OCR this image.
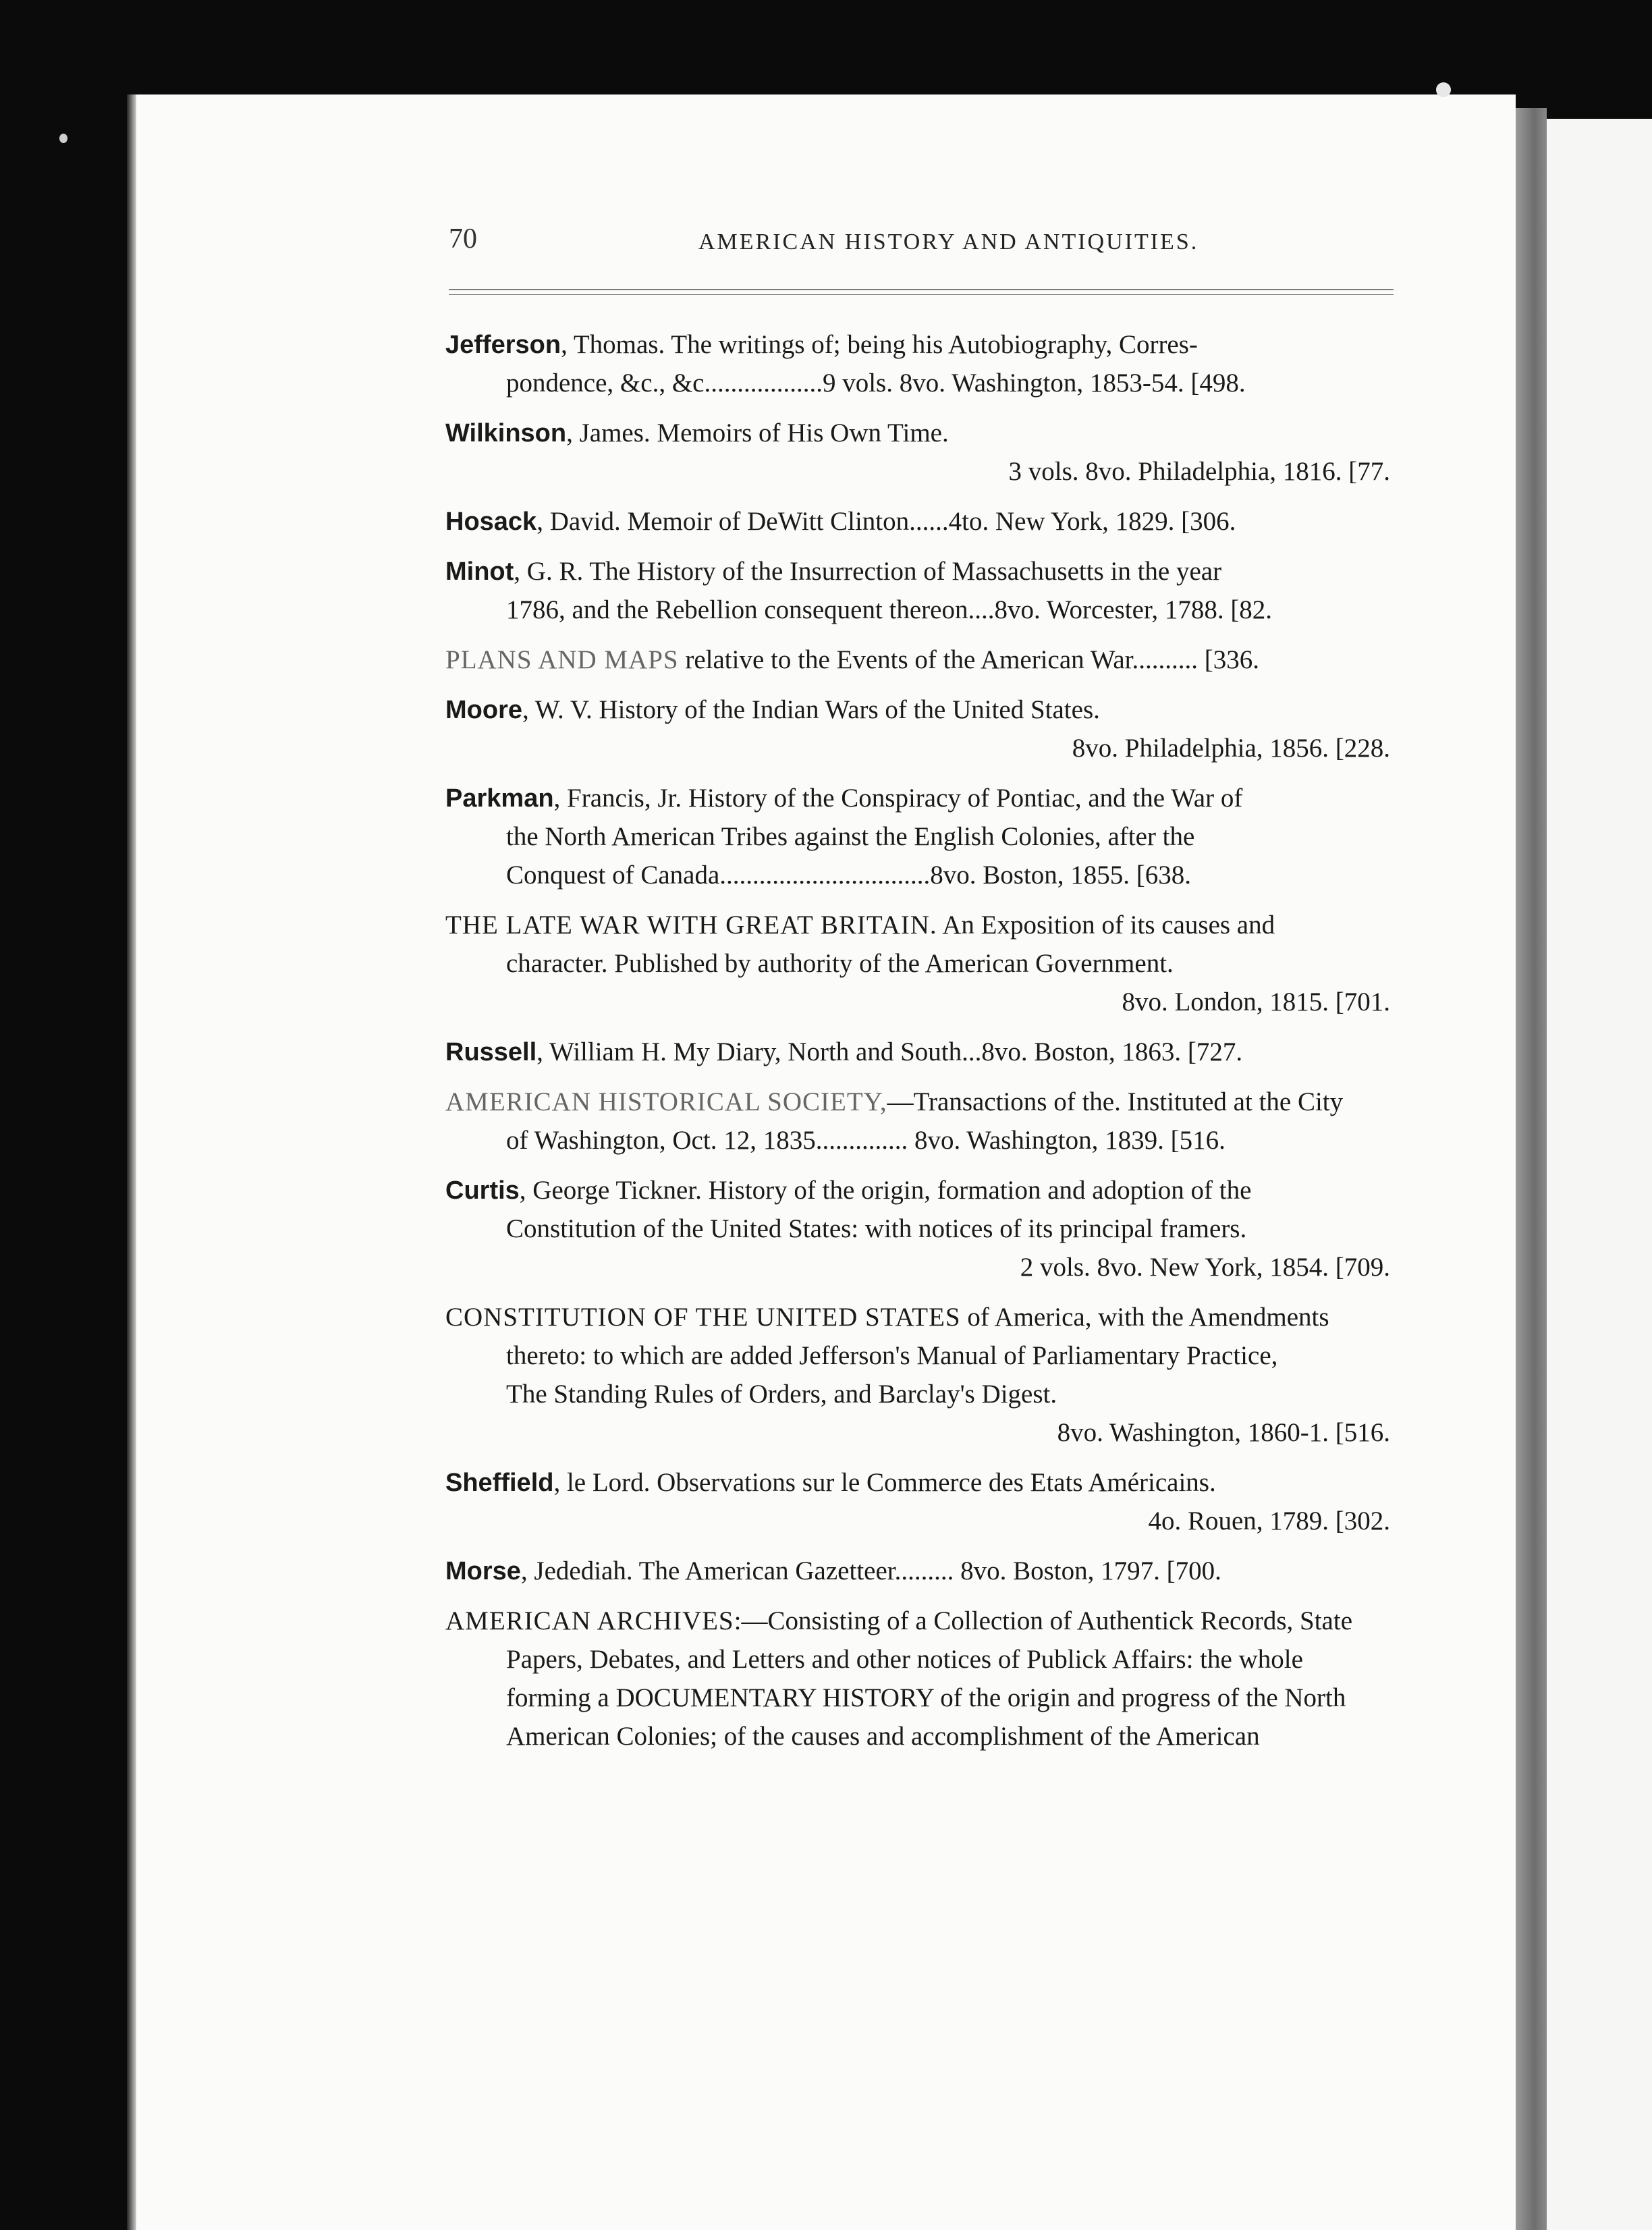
70	AMERICAN HISTORY AND ANTIQUITIES.
Jefferson, Thomas. The writings of; being his Autobiography, Corres-
pondence, &c., &c..................9 vols. 8vo. Washington, 1853-54. [498.
Wilkinson, James. Memoirs of His Own Time.
3 vols. 8vo. Philadelphia, 1816. [77.
Hosack, David. Memoir of DeWitt Clinton......4to. New York, 1829. [306.
Minot, G. R. The History of the Insurrection of Massachusetts in the year
1786, and the Rebellion consequent thereon....8vo. Worcester, 1788. [82.
PLANS AND MAPS relative to the Events of the American War.......... [336.
Moore, W. V. History of the Indian Wars of the United States.
8vo. Philadelphia, 1856. [228.
Parkman, Francis, Jr. History of the Conspiracy of Pontiac, and the War of
the North American Tribes against the English Colonies, after the
Conquest of Canada................................8vo. Boston, 1855. [638.
THE LATE WAR WITH GREAT BRITAIN. An Exposition of its causes and
character. Published by authority of the American Government.
8vo. London, 1815. [701.
Russell, William H. My Diary, North and South...8vo. Boston, 1863. [727.
AMERICAN HISTORICAL SOCIETY,—Transactions of the. Instituted at the City
of Washington, Oct. 12, 1835.............. 8vo. Washington, 1839. [516.
Curtis, George Tickner. History of the origin, formation and adoption of the
Constitution of the United States: with notices of its principal framers.
2 vols. 8vo. New York, 1854. [709.
CONSTITUTION OF THE UNITED STATES of America, with the Amendments
thereto: to which are added Jefferson's Manual of Parliamentary Practice,
The Standing Rules of Orders, and Barclay's Digest.
8vo. Washington, 1860-1. [516.
Sheffield, le Lord. Observations sur le Commerce des Etats Américains.
4o. Rouen, 1789. [302.
Morse, Jedediah. The American Gazetteer......... 8vo. Boston, 1797. [700.
AMERICAN ARCHIVES:—Consisting of a Collection of Authentick Records, State
Papers, Debates, and Letters and other notices of Publick Affairs: the whole
forming a DOCUMENTARY HISTORY of the origin and progress of the North
American Colonies; of the causes and accomplishment of the American
